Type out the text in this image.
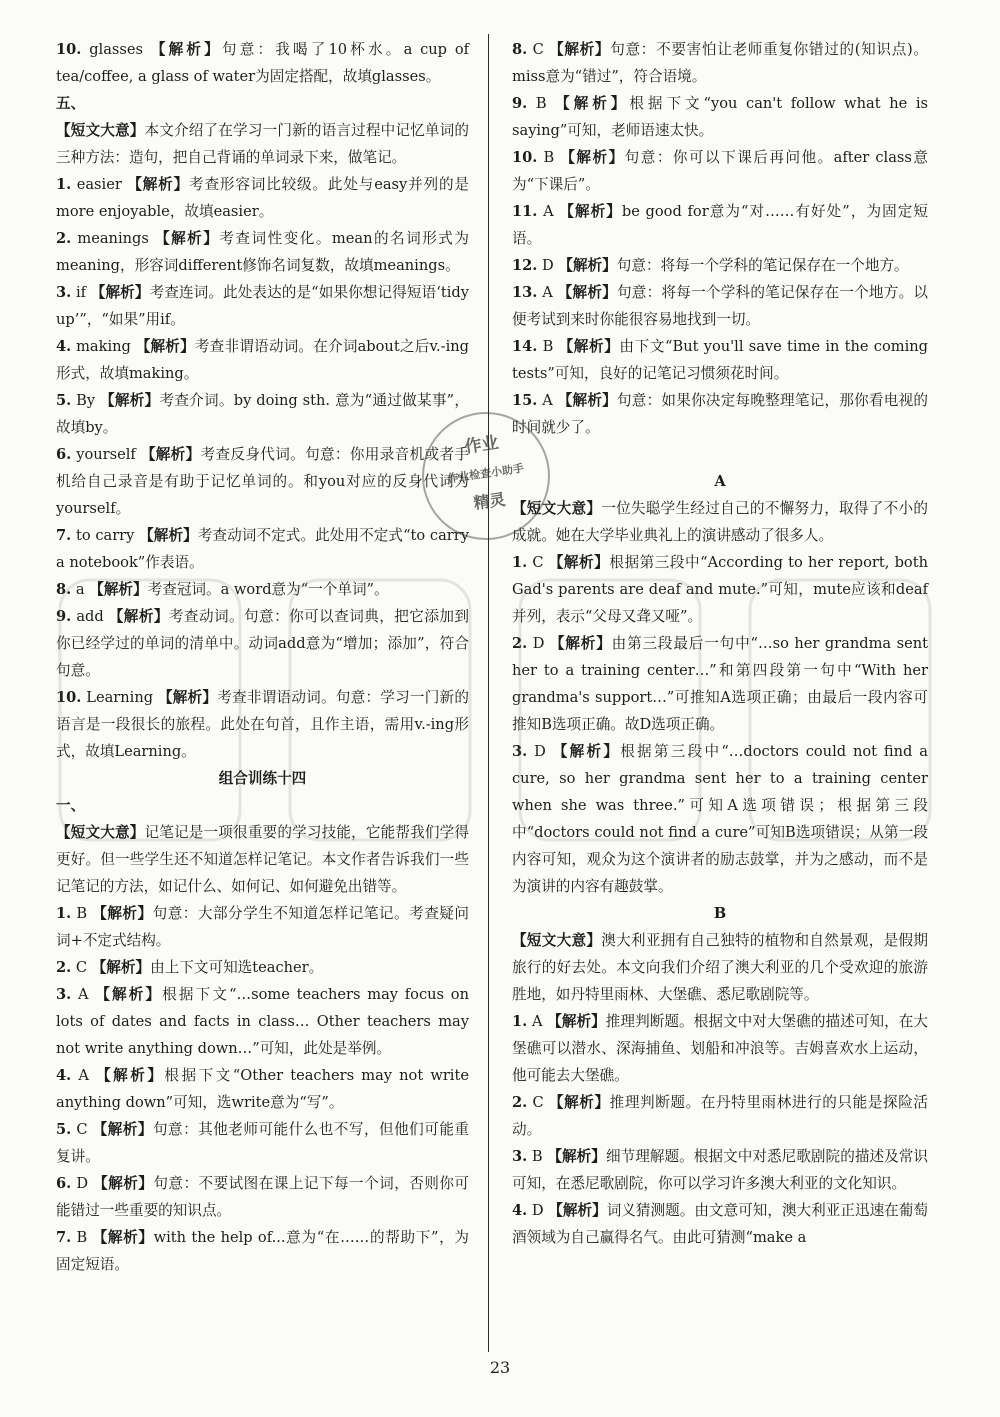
10. glasses 【解析】句意：我喝了10杯水。a cup of tea/coffee, a glass of water为固定搭配，故填glasses。

五、

【短文大意】本文介绍了在学习一门新的语言过程中记忆单词的三种方法：造句，把自己背诵的单词录下来，做笔记。

1. easier 【解析】考查形容词比较级。此处与easy并列的是more enjoyable，故填easier。

2. meanings 【解析】考查词性变化。mean的名词形式为meaning，形容词different修饰名词复数，故填meanings。

3. if 【解析】考查连词。此处表达的是“如果你想记得短语‘tidy up’”，“如果”用if。

4. making 【解析】考查非谓语动词。在介词about之后v.-ing形式，故填making。

5. By 【解析】考查介词。by doing sth. 意为“通过做某事”，故填by。

6. yourself 【解析】考查反身代词。句意：你用录音机或者手机给自己录音是有助于记忆单词的。和you对应的反身代词为yourself。

7. to carry 【解析】考查动词不定式。此处用不定式“to carry a notebook”作表语。

8. a 【解析】考查冠词。a word意为“一个单词”。

9. add 【解析】考查动词。句意：你可以查词典，把它添加到你已经学过的单词的清单中。动词add意为“增加；添加”，符合句意。

10. Learning 【解析】考查非谓语动词。句意：学习一门新的语言是一段很长的旅程。此处在句首，且作主语，需用v.-ing形式，故填Learning。

组合训练十四

一、

【短文大意】记笔记是一项很重要的学习技能，它能帮我们学得更好。但一些学生还不知道怎样记笔记。本文作者告诉我们一些记笔记的方法，如记什么、如何记、如何避免出错等。

1. B 【解析】句意：大部分学生不知道怎样记笔记。考查疑问词+不定式结构。

2. C 【解析】由上下文可知选teacher。

3. A 【解析】根据下文“…some teachers may focus on lots of dates and facts in class… Other teachers may not write anything down…”可知，此处是举例。

4. A 【解析】根据下文“Other teachers may not write anything down”可知，选write意为“写”。

5. C 【解析】句意：其他老师可能什么也不写，但他们可能重复讲。

6. D 【解析】句意：不要试图在课上记下每一个词，否则你可能错过一些重要的知识点。

7. B 【解析】with the help of...意为“在……的帮助下”，为固定短语。

8. C 【解析】句意：不要害怕让老师重复你错过的(知识点)。miss意为“错过”，符合语境。

9. B 【解析】根据下文“you can't follow what he is saying”可知，老师语速太快。

10. B 【解析】句意：你可以下课后再问他。after class意为“下课后”。

11. A 【解析】be good for意为“对……有好处”，为固定短语。

12. D 【解析】句意：将每一个学科的笔记保存在一个地方。

13. A 【解析】句意：将每一个学科的笔记保存在一个地方。以便考试到来时你能很容易地找到一切。

14. B 【解析】由下文“But you'll save time in the coming tests”可知，良好的记笔记习惯须花时间。

15. A 【解析】句意：如果你决定每晚整理笔记，那你看电视的时间就少了。

A

【短文大意】一位失聪学生经过自己的不懈努力，取得了不小的成就。她在大学毕业典礼上的演讲感动了很多人。

1. C 【解析】根据第三段中“According to her report, both Gad's parents are deaf and mute.”可知，mute应该和deaf并列，表示“父母又聋又哑”。

2. D 【解析】由第三段最后一句中“…so her grandma sent her to a training center…”和第四段第一句中“With her grandma's support…”可推知A选项正确；由最后一段内容可推知B选项正确。故D选项正确。

3. D 【解析】根据第三段中“…doctors could not find a cure, so her grandma sent her to a training center when she was three.”可知A选项错误；根据第三段中“doctors could not find a cure”可知B选项错误；从第一段内容可知，观众为这个演讲者的励志鼓掌，并为之感动，而不是为演讲的内容有趣鼓掌。

B

【短文大意】澳大利亚拥有自己独特的植物和自然景观，是假期旅行的好去处。本文向我们介绍了澳大利亚的几个受欢迎的旅游胜地，如丹特里雨林、大堡礁、悉尼歌剧院等。

1. A 【解析】推理判断题。根据文中对大堡礁的描述可知，在大堡礁可以潜水、深海捕鱼、划船和冲浪等。吉姆喜欢水上运动，他可能去大堡礁。

2. C 【解析】推理判断题。在丹特里雨林进行的只能是探险活动。

3. B 【解析】细节理解题。根据文中对悉尼歌剧院的描述及常识可知，在悉尼歌剧院，你可以学习许多澳大利亚的文化知识。

4. D 【解析】词义猜测题。由文意可知，澳大利亚正迅速在葡萄酒领域为自己赢得名气。由此可猜测“make a

作业
作业检查小助手
精灵
23
